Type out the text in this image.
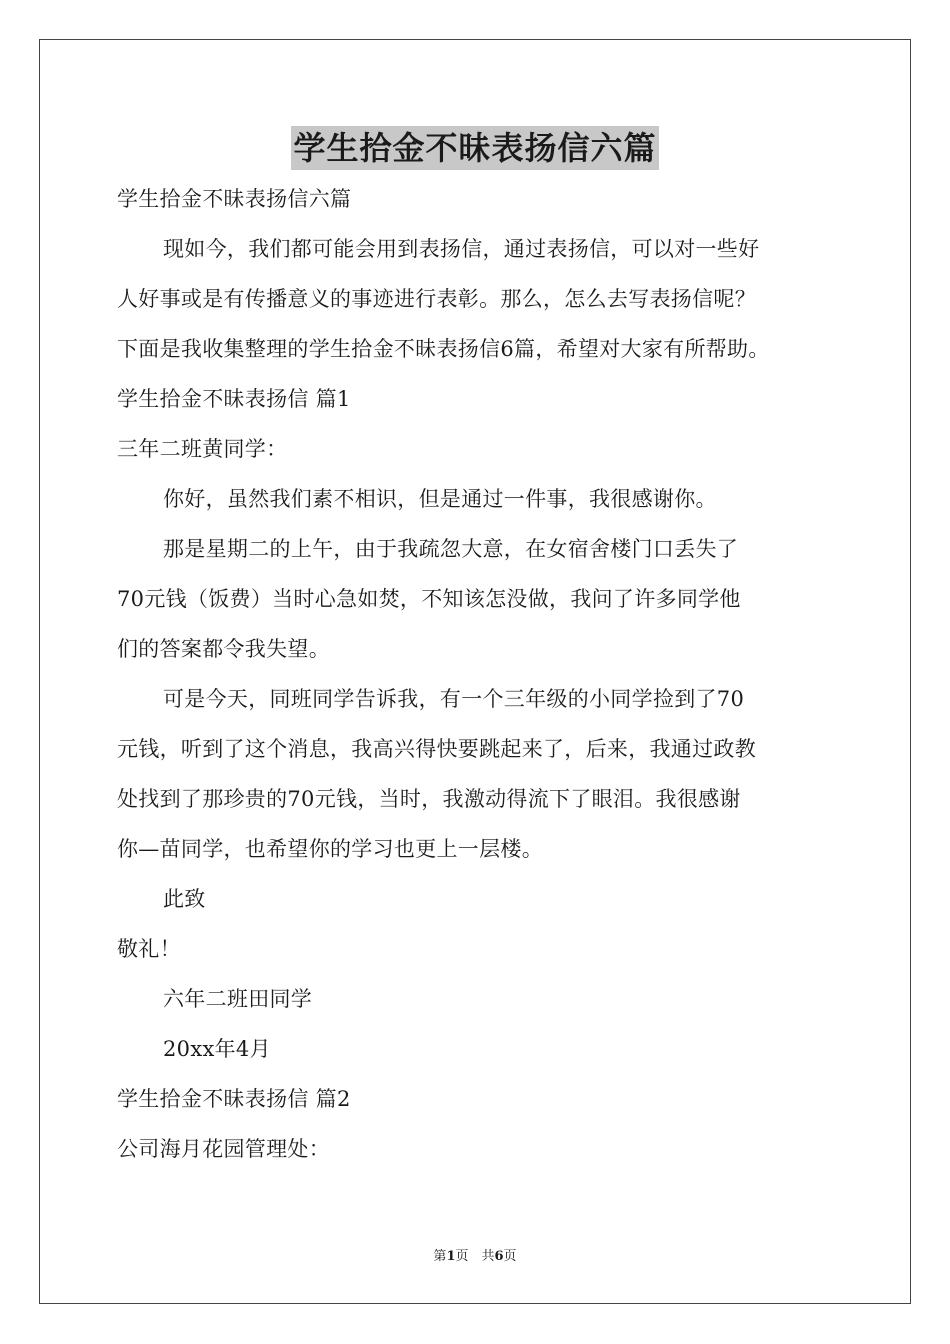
学生拾金不昧表扬信六篇
学生拾金不昧表扬信六篇
现如今，我们都可能会用到表扬信，通过表扬信，可以对一些好
人好事或是有传播意义的事迹进行表彰。那么，怎么去写表扬信呢？
下面是我收集整理的学生拾金不昧表扬信6篇，希望对大家有所帮助。
学生拾金不昧表扬信 篇1
三年二班黄同学：
你好，虽然我们素不相识，但是通过一件事，我很感谢你。
那是星期二的上午，由于我疏忽大意，在女宿舍楼门口丢失了
70元钱（饭费）当时心急如焚，不知该怎没做，我问了许多同学他
们的答案都令我失望。
可是今天，同班同学告诉我，有一个三年级的小同学捡到了70
元钱，听到了这个消息，我高兴得快要跳起来了，后来，我通过政教
处找到了那珍贵的70元钱，当时，我激动得流下了眼泪。我很感谢
你—苗同学，也希望你的学习也更上一层楼。
此致
敬礼！
六年二班田同学
20xx年4月
学生拾金不昧表扬信 篇2
公司海月花园管理处：
第1页　共6页
